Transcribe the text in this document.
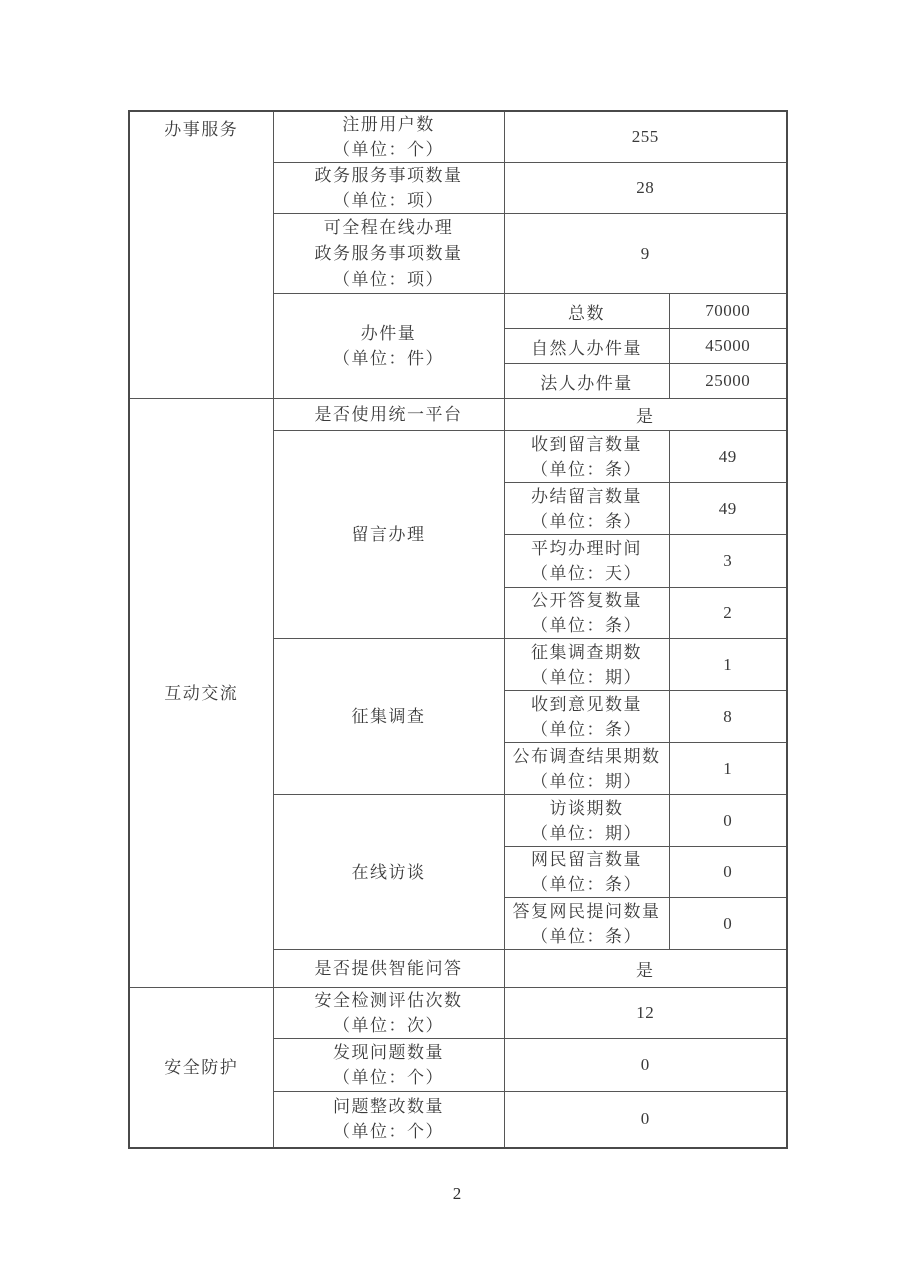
办事服务	注册用户数
（单位：个）	255	

	政务服务事项数量
（单位：项）	28	

	可全程在线办理
政务服务事项数量
（单位：项）	9	

	办件量
（单位：件）	总数	70000
		自然人办件量	45000
		法人办件量	25000

互动交流	是否使用统一平台	是	

	留言办理	收到留言数量
（单位：条）	49

		办结留言数量
（单位：条）	49

		平均办理时间
（单位：天）	3

		公开答复数量
（单位：条）	2

	征集调查	征集调查期数
（单位：期）	1

		收到意见数量
（单位：条）	8

		公布调查结果期数
（单位：期）	1

	在线访谈	访谈期数
（单位：期）	0

		网民留言数量
（单位：条）	0

		答复网民提问数量
（单位：条）	0

	是否提供智能问答	是	

安全防护	安全检测评估次数
（单位：次）	12	

	发现问题数量
（单位：个）	0	

	问题整改数量
（单位：个）	0	
2
